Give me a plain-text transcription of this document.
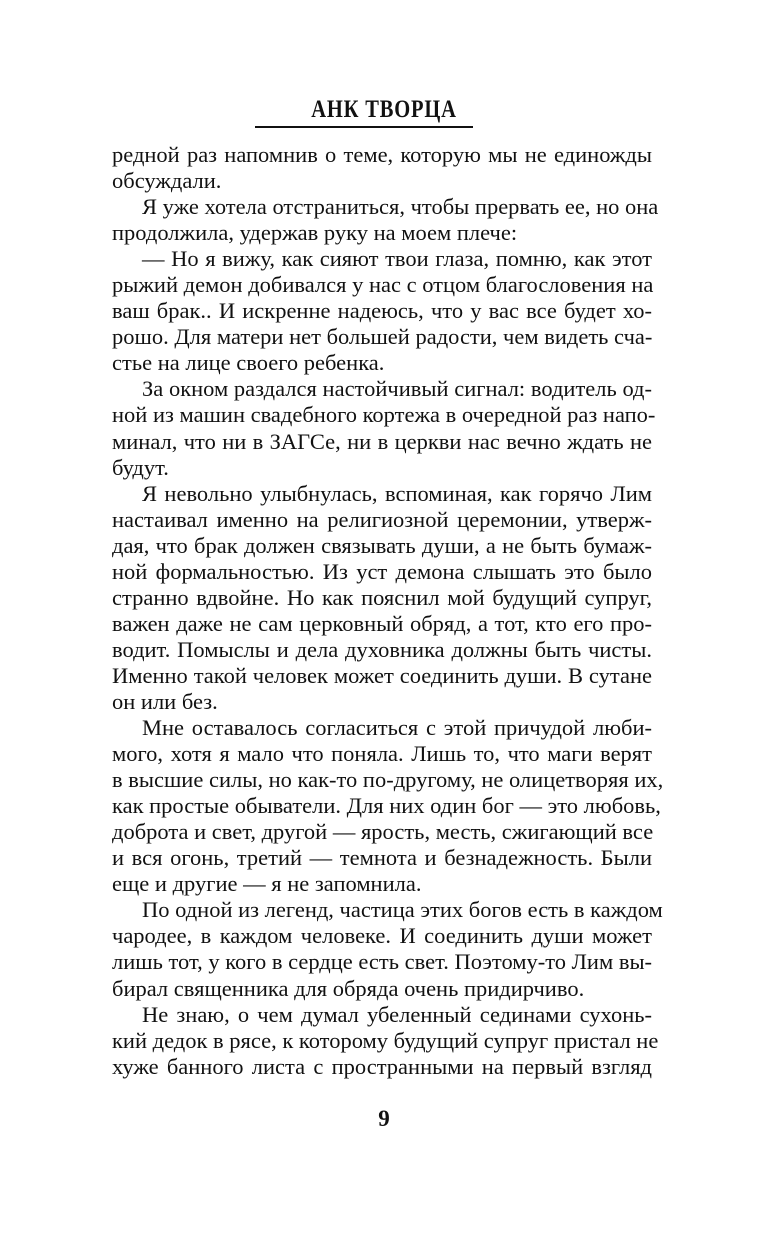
АНК ТВОРЦА
редной раз напомнив о теме, которую мы не единожды
обсуждали.
Я уже хотела отстраниться, чтобы прервать ее, но она
продолжила, удержав руку на моем плече:
— Но я вижу, как сияют твои глаза, помню, как этот
рыжий демон добивался у нас с отцом благословения на
ваш брак.. И искренне надеюсь, что у вас все будет хо-
рошо. Для матери нет большей радости, чем видеть сча-
стье на лице своего ребенка.
За окном раздался настойчивый сигнал: водитель од-
ной из машин свадебного кортежа в очередной раз напо-
минал, что ни в ЗАГСе, ни в церкви нас вечно ждать не
будут.
Я невольно улыбнулась, вспоминая, как горячо Лим
настаивал именно на религиозной церемонии, утверж-
дая, что брак должен связывать души, а не быть бумаж-
ной формальностью. Из уст демона слышать это было
странно вдвойне. Но как пояснил мой будущий супруг,
важен даже не сам церковный обряд, а тот, кто его про-
водит. Помыслы и дела духовника должны быть чисты.
Именно такой человек может соединить души. В сутане
он или без.
Мне оставалось согласиться с этой причудой люби-
мого, хотя я мало что поняла. Лишь то, что маги верят
в высшие силы, но как-то по-другому, не олицетворяя их,
как простые обыватели. Для них один бог — это любовь,
доброта и свет, другой — ярость, месть, сжигающий все
и вся огонь, третий — темнота и безнадежность. Были
еще и другие — я не запомнила.
По одной из легенд, частица этих богов есть в каждом
чародее, в каждом человеке. И соединить души может
лишь тот, у кого в сердце есть свет. Поэтому-то Лим вы-
бирал священника для обряда очень придирчиво.
Не знаю, о чем думал убеленный сединами сухонь-
кий дедок в рясе, к которому будущий супруг пристал не
хуже банного листа с пространными на первый взгляд
9
